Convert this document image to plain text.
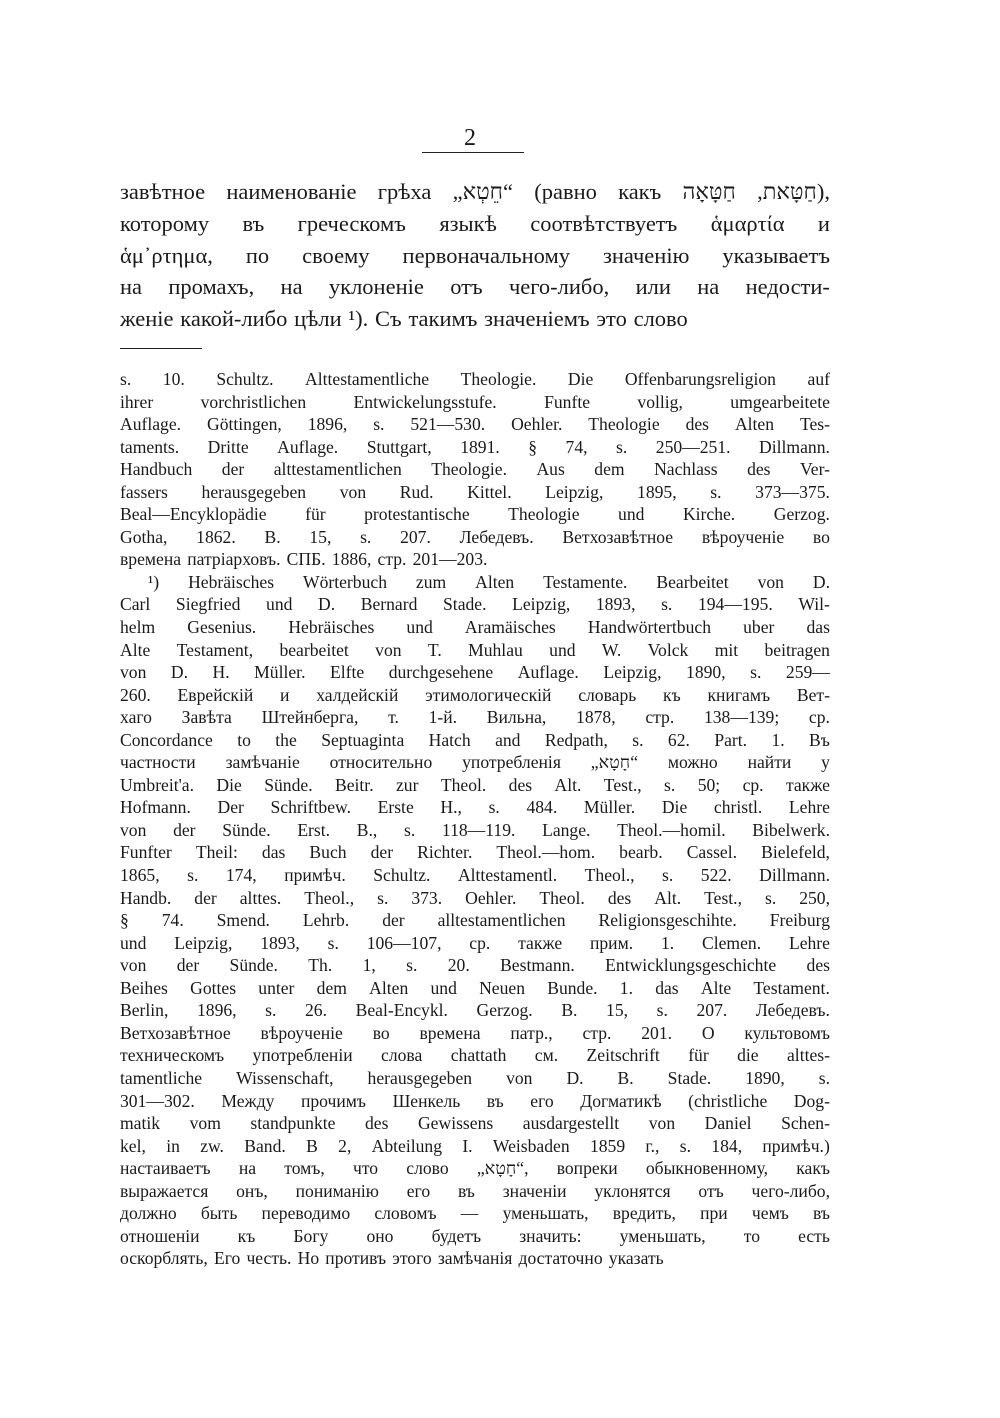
2
завѣтное наименованіе грѣха „חֵטְא“ (равно какъ חַטָּאָה ,חַטָּאת),
которому въ греческомъ языкѣ соотвѣтствуетъ ἁμαρτία и
ἁμ᾽ρτημα, по своему первоначальному значенію указываетъ
на промахъ, на уклоненіе отъ чего-либо, или на недости-
женіе какой-либо цѣли ¹). Съ такимъ значеніемъ это слово
s. 10. Schultz. Alttestamentliche Theologie. Die Offenbarungsreligion auf
ihrer	vorchristlichen	Entwickelungsstufe.	Funfte	vollig,	umgearbeitete
Auflage. Göttingen, 1896, s. 521—530. Oehler. Theologie des Alten Tes-
taments. Dritte Auflage. Stuttgart, 1891. § 74, s. 250—251. Dillmann.
Handbuch der alttestamentlichen Theologie. Aus dem Nachlass des Ver-
fassers herausgegeben von Rud. Kittel. Leipzig, 1895, s. 373—375.
Beal—Encyklopädie für protestantische Theologie und Kirche. Gerzog.
Gotha, 1862. B. 15, s. 207. Лебедевъ. Ветхозавѣтное вѣроученіе во
времена патріарховъ. СПБ. 1886, стр. 201—203.
¹) Hebräisches Wörterbuch zum Alten Testamente. Bearbeitet von D.
Carl Siegfried und D. Bernard Stade. Leipzig, 1893, s. 194—195. Wil-
helm Gesenius. Hebräisches und Aramäisches Handwörtertbuch uber das
Alte Testament, bearbeitet von T. Muhlau und W. Volck mit beitragen
von D. H. Müller. Elfte durchgesehene Auflage. Leipzig, 1890, s. 259—
260. Еврейскій и халдейскій этимологическій словарь къ книгамъ Вет-
хаго Завѣта Штейнберга, т. 1-й. Вильна, 1878, стр. 138—139; ср.
Concordance to the Septuaginta Hatch and Redpath, s. 62. Part. 1. Въ
частности замѣчаніе относительно употребленія „חָטָא“ можно найти у
Umbreit'a. Die Sünde. Beitr. zur Theol. des Alt. Test., s. 50; ср. также
Hofmann. Der Schriftbew. Erste H., s. 484. Müller. Die christl. Lehre
von der Sünde. Erst. B., s. 118—119. Lange. Theol.—homil. Bibelwerk.
Funfter Theil: das Buch der Richter. Theol.—hom. bearb. Cassel. Bielefeld,
1865, s. 174, примѣч. Schultz. Alttestamentl. Theol., s. 522. Dillmann.
Handb. der alttes. Theol., s. 373. Oehler. Theol. des Alt. Test., s. 250,
§ 74. Smend. Lehrb. der alltestamentlichen Religionsgeschihte. Freiburg
und Leipzig, 1893, s. 106—107, ср. также прим. 1. Clemen. Lehre
von der Sünde. Th. 1, s. 20. Bestmann. Entwicklungsgeschichte des
Beihes Gottes unter dem Alten und Neuen Bunde. 1. das Alte Testament.
Berlin, 1896, s. 26. Beal-Encykl. Gerzog. B. 15, s. 207. Лебедевъ.
Ветхозавѣтное вѣроученіе во времена патр., стр. 201. О культовомъ
техническомъ употребленіи слова chattath см. Zeitschrift für die alttes-
tamentliche Wissenschaft, herausgegeben von D. B. Stade. 1890, s.
301—302. Между прочимъ Шенкель въ его Догматикѣ (christliche Dog-
matik vom standpunkte des Gewissens ausdargestellt von Daniel Schen-
kel, in zw. Band. B 2, Abteilung I. Weisbaden 1859 г., s. 184, примѣч.)
настаиваетъ на томъ, что слово „חָטָא“, вопреки обыкновенному, какъ
выражается онъ, пониманію его въ значеніи уклонятся отъ чего-либо,
должно быть переводимо словомъ — уменьшать, вредить, при чемъ въ
отношеніи къ Богу оно будетъ значить: уменьшать, то есть
оскорблять, Его честь. Но противъ этого замѣчанія достаточно указать
